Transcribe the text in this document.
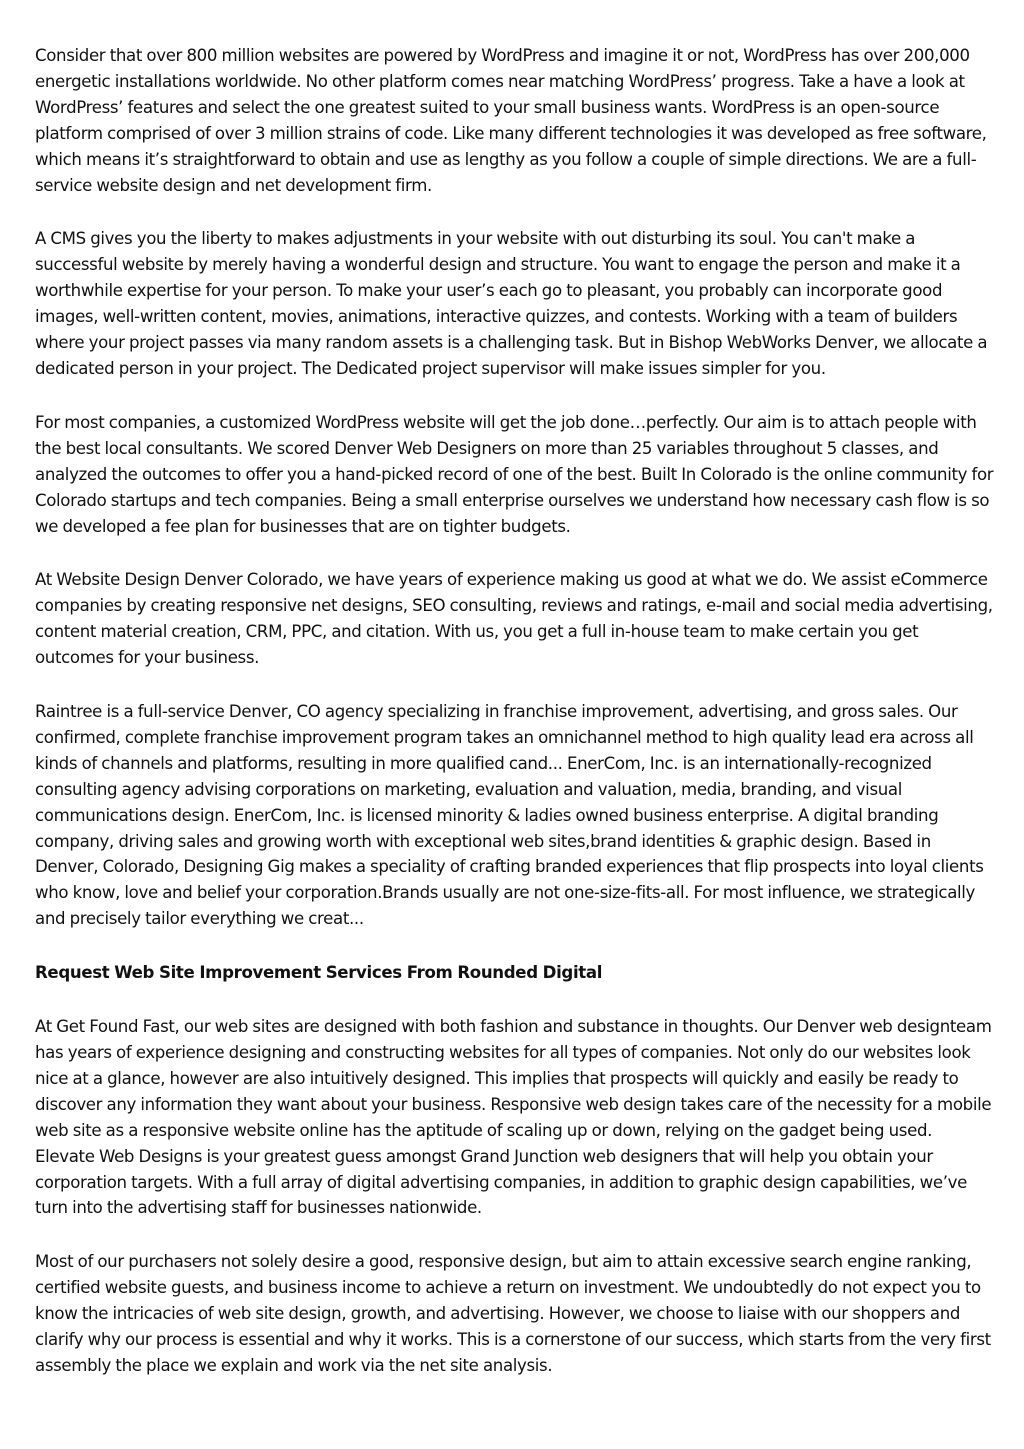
Consider that over 800 million websites are powered by WordPress and imagine it or not, WordPress has over 200,000 energetic installations worldwide. No other platform comes near matching WordPress’ progress. Take a have a look at WordPress’ features and select the one greatest suited to your small business wants. WordPress is an open-source platform comprised of over 3 million strains of code. Like many different technologies it was developed as free software, which means it’s straightforward to obtain and use as lengthy as you follow a couple of simple directions. We are a full-service website design and net development firm.

A CMS gives you the liberty to makes adjustments in your website with out disturbing its soul. You can't make a successful website by merely having a wonderful design and structure. You want to engage the person and make it a worthwhile expertise for your person. To make your user’s each go to pleasant, you probably can incorporate good images, well-written content, movies, animations, interactive quizzes, and contests. Working with a team of builders where your project passes via many random assets is a challenging task. But in Bishop WebWorks Denver, we allocate a dedicated person in your project. The Dedicated project supervisor will make issues simpler for you.

For most companies, a customized WordPress website will get the job done…perfectly. Our aim is to attach people with the best local consultants. We scored Denver Web Designers on more than 25 variables throughout 5 classes, and analyzed the outcomes to offer you a hand-picked record of one of the best. Built In Colorado is the online community for Colorado startups and tech companies. Being a small enterprise ourselves we understand how necessary cash flow is so we developed a fee plan for businesses that are on tighter budgets.

At Website Design Denver Colorado, we have years of experience making us good at what we do. We assist eCommerce companies by creating responsive net designs, SEO consulting, reviews and ratings, e-mail and social media advertising, content material creation, CRM, PPC, and citation. With us, you get a full in-house team to make certain you get outcomes for your business.

Raintree is a full-service Denver, CO agency specializing in franchise improvement, advertising, and gross sales. Our confirmed, complete franchise improvement program takes an omnichannel method to high quality lead era across all kinds of channels and platforms, resulting in more qualified cand... EnerCom, Inc. is an internationally-recognized consulting agency advising corporations on marketing, evaluation and valuation, media, branding, and visual communications design. EnerCom, Inc. is licensed minority & ladies owned business enterprise. A digital branding company, driving sales and growing worth with exceptional web sites,brand identities & graphic design. Based in Denver, Colorado, Designing Gig makes a speciality of crafting branded experiences that flip prospects into loyal clients who know, love and belief your corporation.Brands usually are not one-size-fits-all. For most influence, we strategically and precisely tailor everything we creat...

Request Web Site Improvement Services From Rounded Digital

At Get Found Fast, our web sites are designed with both fashion and substance in thoughts. Our Denver web designteam has years of experience designing and constructing websites for all types of companies. Not only do our websites look nice at a glance, however are also intuitively designed. This implies that prospects will quickly and easily be ready to discover any information they want about your business. Responsive web design takes care of the necessity for a mobile web site as a responsive website online has the aptitude of scaling up or down, relying on the gadget being used. Elevate Web Designs is your greatest guess amongst Grand Junction web designers that will help you obtain your corporation targets. With a full array of digital advertising companies, in addition to graphic design capabilities, we’ve turn into the advertising staff for businesses nationwide.

Most of our purchasers not solely desire a good, responsive design, but aim to attain excessive search engine ranking, certified website guests, and business income to achieve a return on investment. We undoubtedly do not expect you to know the intricacies of web site design, growth, and advertising. However, we choose to liaise with our shoppers and clarify why our process is essential and why it works. This is a cornerstone of our success, which starts from the very first assembly the place we explain and work via the net site analysis.
